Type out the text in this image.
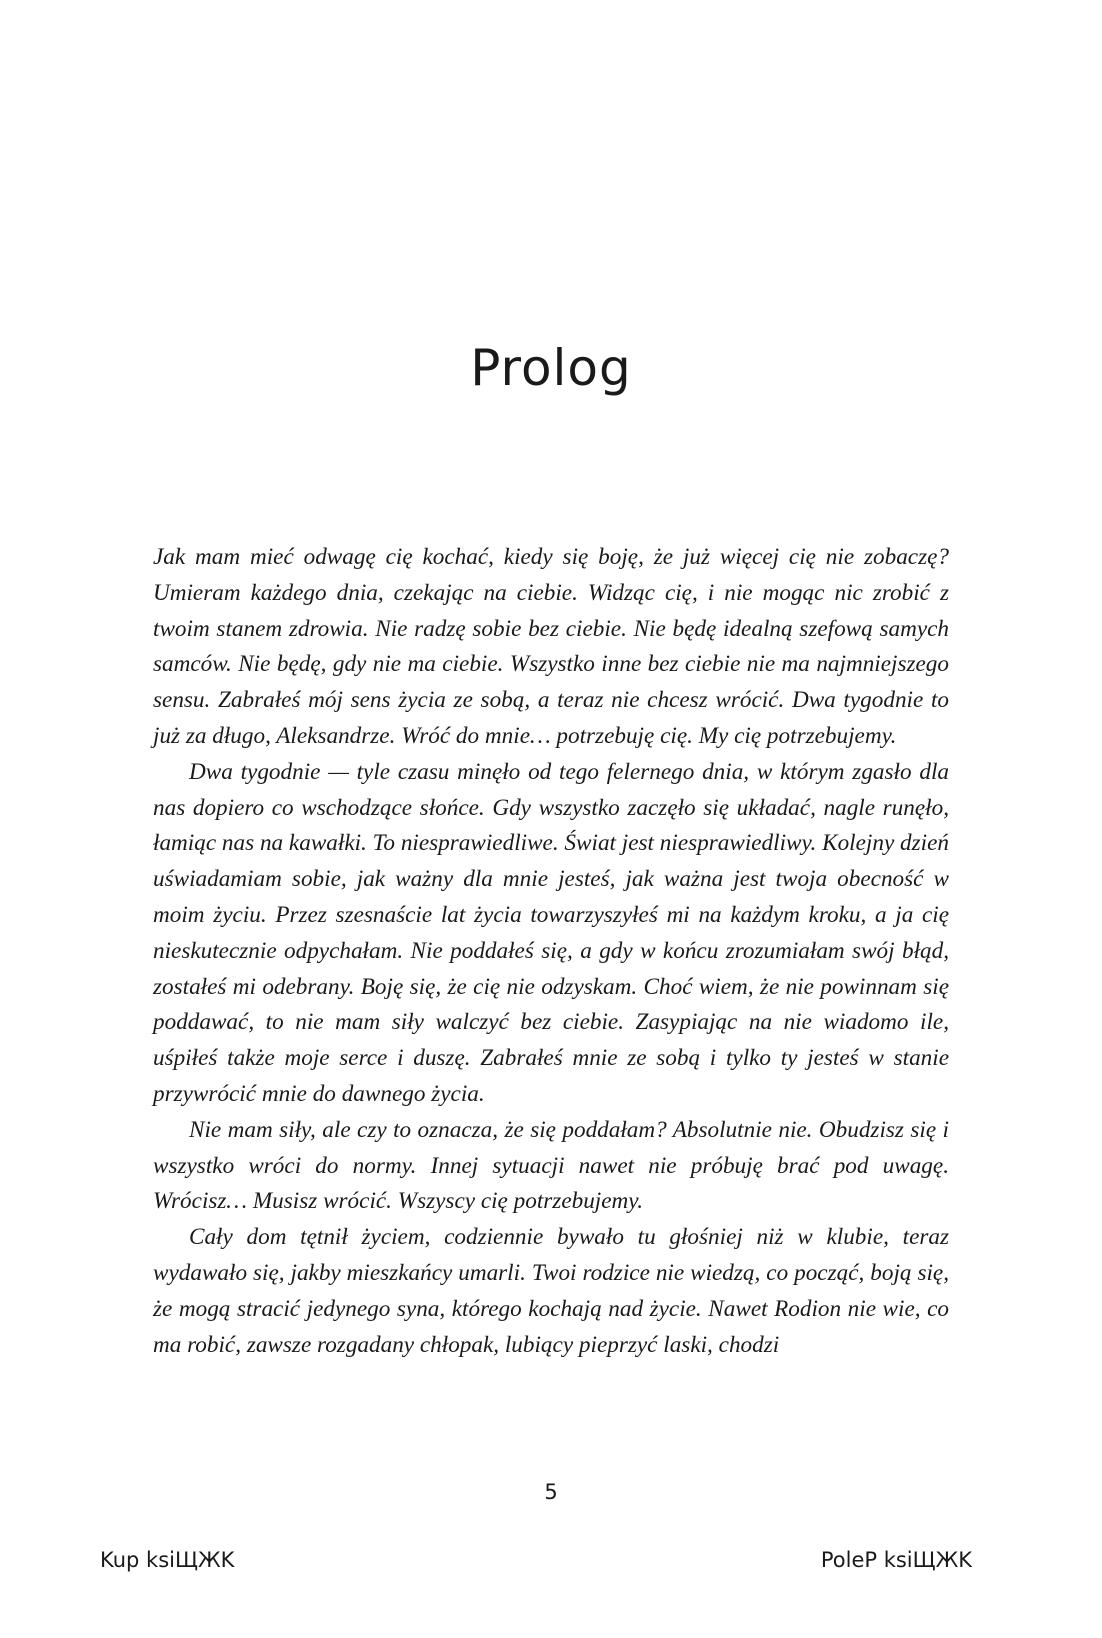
Prolog

Jak mam mieć odwagę cię kochać, kiedy się boję, że już więcej cię nie zobaczę? Umieram każdego dnia, czekając na ciebie. Widząc cię, i nie mogąc nic zrobić z twoim stanem zdrowia. Nie radzę sobie bez ciebie. Nie będę idealną szefową samych samców. Nie będę, gdy nie ma ciebie. Wszystko inne bez ciebie nie ma najmniejszego sensu. Zabrałeś mój sens życia ze sobą, a teraz nie chcesz wrócić. Dwa tygodnie to już za długo, Aleksandrze. Wróć do mnie… potrzebuję cię. My cię potrzebujemy.

Dwa tygodnie — tyle czasu minęło od tego felernego dnia, w którym zgasło dla nas dopiero co wschodzące słońce. Gdy wszystko zaczęło się układać, nagle runęło, łamiąc nas na kawałki. To niesprawiedliwe. Świat jest niesprawiedliwy. Kolejny dzień uświadamiam sobie, jak ważny dla mnie jesteś, jak ważna jest twoja obecność w moim życiu. Przez szesnaście lat życia towarzyszyłeś mi na każdym kroku, a ja cię nieskutecznie odpychałam. Nie poddałeś się, a gdy w końcu zrozumiałam swój błąd, zostałeś mi odebrany. Boję się, że cię nie odzyskam. Choć wiem, że nie powinnam się poddawać, to nie mam siły walczyć bez ciebie. Zasypiając na nie wiadomo ile, uśpiłeś także moje serce i duszę. Zabrałeś mnie ze sobą i tylko ty jesteś w stanie przywrócić mnie do dawnego życia.

Nie mam siły, ale czy to oznacza, że się poddałam? Absolutnie nie. Obudzisz się i wszystko wróci do normy. Innej sytuacji nawet nie próbuję brać pod uwagę. Wrócisz… Musisz wrócić. Wszyscy cię potrzebujemy.

Cały dom tętnił życiem, codziennie bywało tu głośniej niż w klubie, teraz wydawało się, jakby mieszkańcy umarli. Twoi rodzice nie wiedzą, co począć, boją się, że mogą stracić jedynego syna, którego kochają nad życie. Nawet Rodion nie wie, co ma robić, zawsze rozgadany chłopak, lubiący pieprzyć laski, chodzi

5
Kup ksiЩЖK	PoleP ksiЩЖK
